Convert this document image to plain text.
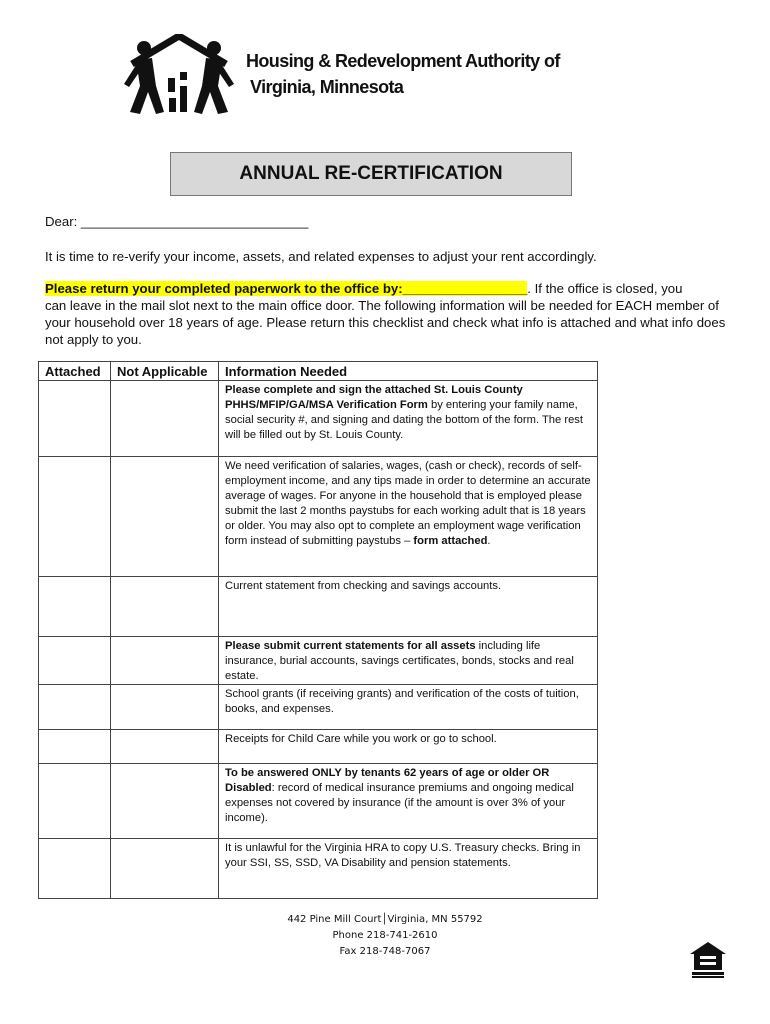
Housing & Redevelopment Authority of
Virginia, Minnesota
ANNUAL RE-CERTIFICATION
Dear: _______________________________
It is time to re-verify your income, assets, and related expenses to adjust your rent accordingly.
Please return your completed paperwork to the office by:_________________. If the office is closed, you
can leave in the mail slot next to the main office door. The following information will be needed for EACH member of your household over 18 years of age. Please return this checklist and check what info is attached and what info does not apply to you.
Attached	Not Applicable	Information Needed
		Please complete and sign the attached St. Louis County PHHS/MFIP/GA/MSA Verification Form by entering your family name, social security #, and signing and dating the bottom of the form. The rest will be filled out by St. Louis County.
		We need verification of salaries, wages, (cash or check), records of self-employment income, and any tips made in order to determine an accurate average of wages. For anyone in the household that is employed please submit the last 2 months paystubs for each working adult that is 18 years or older. You may also opt to complete an employment wage verification form instead of submitting paystubs – form attached.
		Current statement from checking and savings accounts.
		Please submit current statements for all assets including life insurance, burial accounts, savings certificates, bonds, stocks and real estate.
		School grants (if receiving grants) and verification of the costs of tuition, books, and expenses.
		Receipts for Child Care while you work or go to school.
		To be answered ONLY by tenants 62 years of age or older OR Disabled: record of medical insurance premiums and ongoing medical expenses not covered by insurance (if the amount is over 3% of your income).
		It is unlawful for the Virginia HRA to copy U.S. Treasury checks. Bring in your SSI, SS, SSD, VA Disability and pension statements.
442 Pine Mill Court│Virginia, MN 55792
Phone 218-741-2610
Fax 218-748-7067
